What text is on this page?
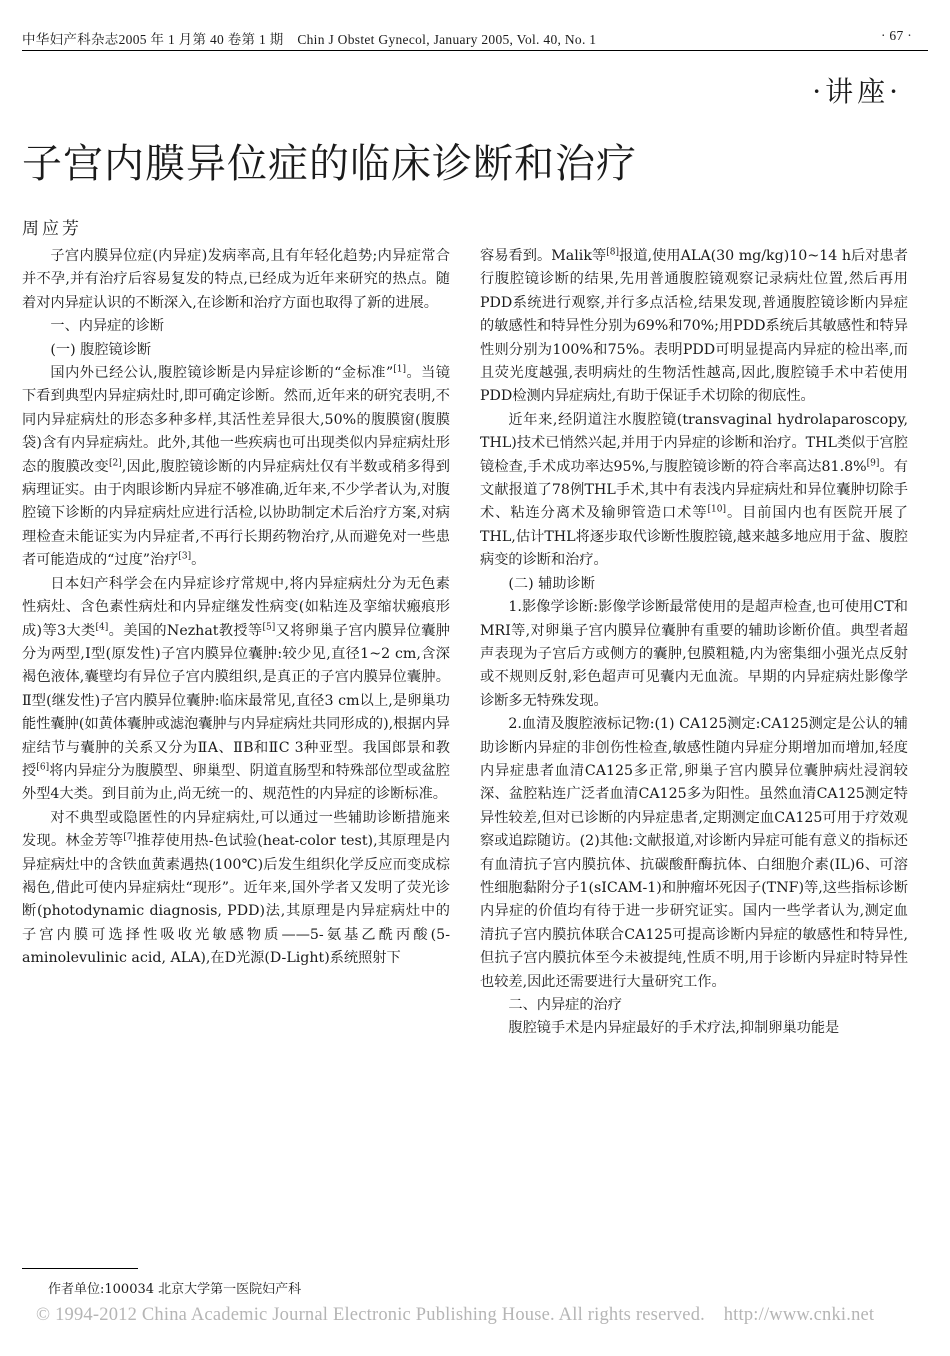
中华妇产科杂志2005 年 1 月第 40 卷第 1 期　Chin J Obstet Gynecol, January 2005, Vol. 40, No. 1	· 67 ·
·讲座·
子宫内膜异位症的临床诊断和治疗
周应芳

子宫内膜异位症(内异症)发病率高,且有年轻化趋势;内异症常合并不孕,并有治疗后容易复发的特点,已经成为近年来研究的热点。随着对内异症认识的不断深入,在诊断和治疗方面也取得了新的进展。

一、内异症的诊断

(一) 腹腔镜诊断

国内外已经公认,腹腔镜诊断是内异症诊断的“金标准”[1]。当镜下看到典型内异症病灶时,即可确定诊断。然而,近年来的研究表明,不同内异症病灶的形态多种多样,其活性差异很大,50%的腹膜窗(腹膜袋)含有内异症病灶。此外,其他一些疾病也可出现类似内异症病灶形态的腹膜改变[2],因此,腹腔镜诊断的内异症病灶仅有半数或稍多得到病理证实。由于肉眼诊断内异症不够准确,近年来,不少学者认为,对腹腔镜下诊断的内异症病灶应进行活检,以协助制定术后治疗方案,对病理检查未能证实为内异症者,不再行长期药物治疗,从而避免对一些患者可能造成的“过度”治疗[3]。

日本妇产科学会在内异症诊疗常规中,将内异症病灶分为无色素性病灶、含色素性病灶和内异症继发性病变(如粘连及挛缩状瘢痕形成)等3大类[4]。美国的Nezhat教授等[5]又将卵巢子宫内膜异位囊肿分为两型,Ⅰ型(原发性)子宫内膜异位囊肿:较少见,直径1~2 cm,含深褐色液体,囊壁均有异位子宫内膜组织,是真正的子宫内膜异位囊肿。Ⅱ型(继发性)子宫内膜异位囊肿:临床最常见,直径3 cm以上,是卵巢功能性囊肿(如黄体囊肿或滤泡囊肿与内异症病灶共同形成的),根据内异症结节与囊肿的关系又分为ⅡA、ⅡB和ⅡC 3种亚型。我国郎景和教授[6]将内异症分为腹膜型、卵巢型、阴道直肠型和特殊部位型或盆腔外型4大类。到目前为止,尚无统一的、规范性的内异症的诊断标准。

对不典型或隐匿性的内异症病灶,可以通过一些辅助诊断措施来发现。林金芳等[7]推荐使用热-色试验(heat-color test),其原理是内异症病灶中的含铁血黄素遇热(100℃)后发生组织化学反应而变成棕褐色,借此可使内异症病灶“现形”。近年来,国外学者又发明了荧光诊断(photodynamic diagnosis, PDD)法,其原理是内异症病灶中的子宫内膜可选择性吸收光敏感物质——5-氨基乙酰丙酸(5-aminolevulinic acid, ALA),在D光源(D-Light)系统照射下

容易看到。Malik等[8]报道,使用ALA(30 mg/kg)10~14 h后对患者行腹腔镜诊断的结果,先用普通腹腔镜观察记录病灶位置,然后再用PDD系统进行观察,并行多点活检,结果发现,普通腹腔镜诊断内异症的敏感性和特异性分别为69%和70%;用PDD系统后其敏感性和特异性则分别为100%和75%。表明PDD可明显提高内异症的检出率,而且荧光度越强,表明病灶的生物活性越高,因此,腹腔镜手术中若使用PDD检测内异症病灶,有助于保证手术切除的彻底性。

近年来,经阴道注水腹腔镜(transvaginal hydrolaparoscopy, THL)技术已悄然兴起,并用于内异症的诊断和治疗。THL类似于宫腔镜检查,手术成功率达95%,与腹腔镜诊断的符合率高达81.8%[9]。有文献报道了78例THL手术,其中有表浅内异症病灶和异位囊肿切除手术、粘连分离术及输卵管造口术等[10]。目前国内也有医院开展了THL,估计THL将逐步取代诊断性腹腔镜,越来越多地应用于盆、腹腔病变的诊断和治疗。

(二) 辅助诊断

1.影像学诊断:影像学诊断最常使用的是超声检查,也可使用CT和MRI等,对卵巢子宫内膜异位囊肿有重要的辅助诊断价值。典型者超声表现为子宫后方或侧方的囊肿,包膜粗糙,内为密集细小强光点反射或不规则反射,彩色超声可见囊内无血流。早期的内异症病灶影像学诊断多无特殊发现。

2.血清及腹腔液标记物:(1) CA125测定:CA125测定是公认的辅助诊断内异症的非创伤性检查,敏感性随内异症分期增加而增加,轻度内异症患者血清CA125多正常,卵巢子宫内膜异位囊肿病灶浸润较深、盆腔粘连广泛者血清CA125多为阳性。虽然血清CA125测定特异性较差,但对已诊断的内异症患者,定期测定血CA125可用于疗效观察或追踪随访。(2)其他:文献报道,对诊断内异症可能有意义的指标还有血清抗子宫内膜抗体、抗碳酸酐酶抗体、白细胞介素(IL)6、可溶性细胞黏附分子1(sICAM-1)和肿瘤坏死因子(TNF)等,这些指标诊断内异症的价值均有待于进一步研究证实。国内一些学者认为,测定血清抗子宫内膜抗体联合CA125可提高诊断内异症的敏感性和特异性,但抗子宫内膜抗体至今未被提纯,性质不明,用于诊断内异症时特异性也较差,因此还需要进行大量研究工作。

二、内异症的治疗

腹腔镜手术是内异症最好的手术疗法,抑制卵巢功能是

作者单位:100034 北京大学第一医院妇产科
© 1994-2012 China Academic Journal Electronic Publishing House. All rights reserved.　http://www.cnki.net
